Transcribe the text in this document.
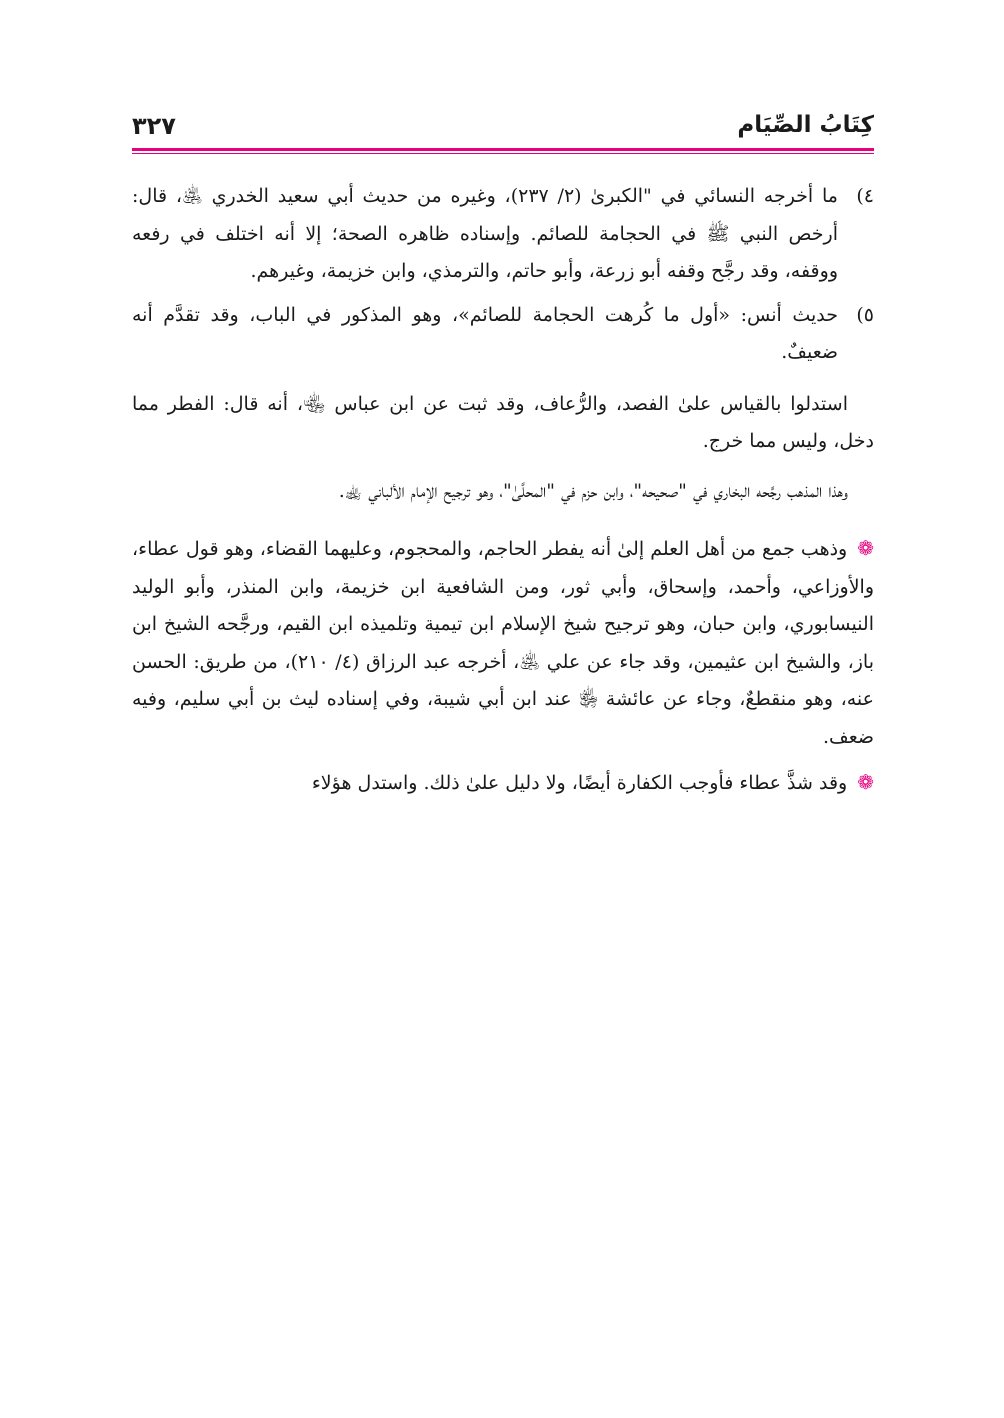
كِتَابُ الصِّيَام
٣٢٧
٤)
ما أخرجه النسائي في "الكبرىٰ (٢/ ٢٣٧)، وغيره من حديث أبي سعيد الخدري ﵁، قال: أرخص النبي ﷺ في الحجامة للصائم. وإسناده ظاهره الصحة؛ إلا أنه اختلف في رفعه ووقفه، وقد رجَّح وقفه أبو زرعة، وأبو حاتم، والترمذي، وابن خزيمة، وغيرهم.
٥)
حديث أنس: «أول ما كُرهت الحجامة للصائم»، وهو المذكور في الباب، وقد تقدَّم أنه ضعيفٌ.

استدلوا بالقياس علىٰ الفصد، والرُّعاف، وقد ثبت عن ابن عباس ﵄، أنه قال: الفطر مما دخل، وليس مما خرج.

وهذا المذهب رجَّحه البخاري في "صحيحه"، وابن حزم في "المحلَّىٰ"، وهو ترجيح الإمام الألباني ﵀.

❁وذهب جمع من أهل العلم إلىٰ أنه يفطر الحاجم، والمحجوم، وعليهما القضاء، وهو قول عطاء، والأوزاعي، وأحمد، وإسحاق، وأبي ثور، ومن الشافعية ابن خزيمة، وابن المنذر، وأبو الوليد النيسابوري، وابن حبان، وهو ترجيح شيخ الإسلام ابن تيمية وتلميذه ابن القيم، ورجَّحه الشيخ ابن باز، والشيخ ابن عثيمين، وقد جاء عن علي ﵁، أخرجه عبد الرزاق (٤/ ٢١٠)، من طريق: الحسن عنه، وهو منقطعٌ، وجاء عن عائشة ﵂ عند ابن أبي شيبة، وفي إسناده ليث بن أبي سليم، وفيه ضعف.

❁وقد شذَّ عطاء فأوجب الكفارة أيضًا، ولا دليل علىٰ ذلك. واستدل هؤلاء
